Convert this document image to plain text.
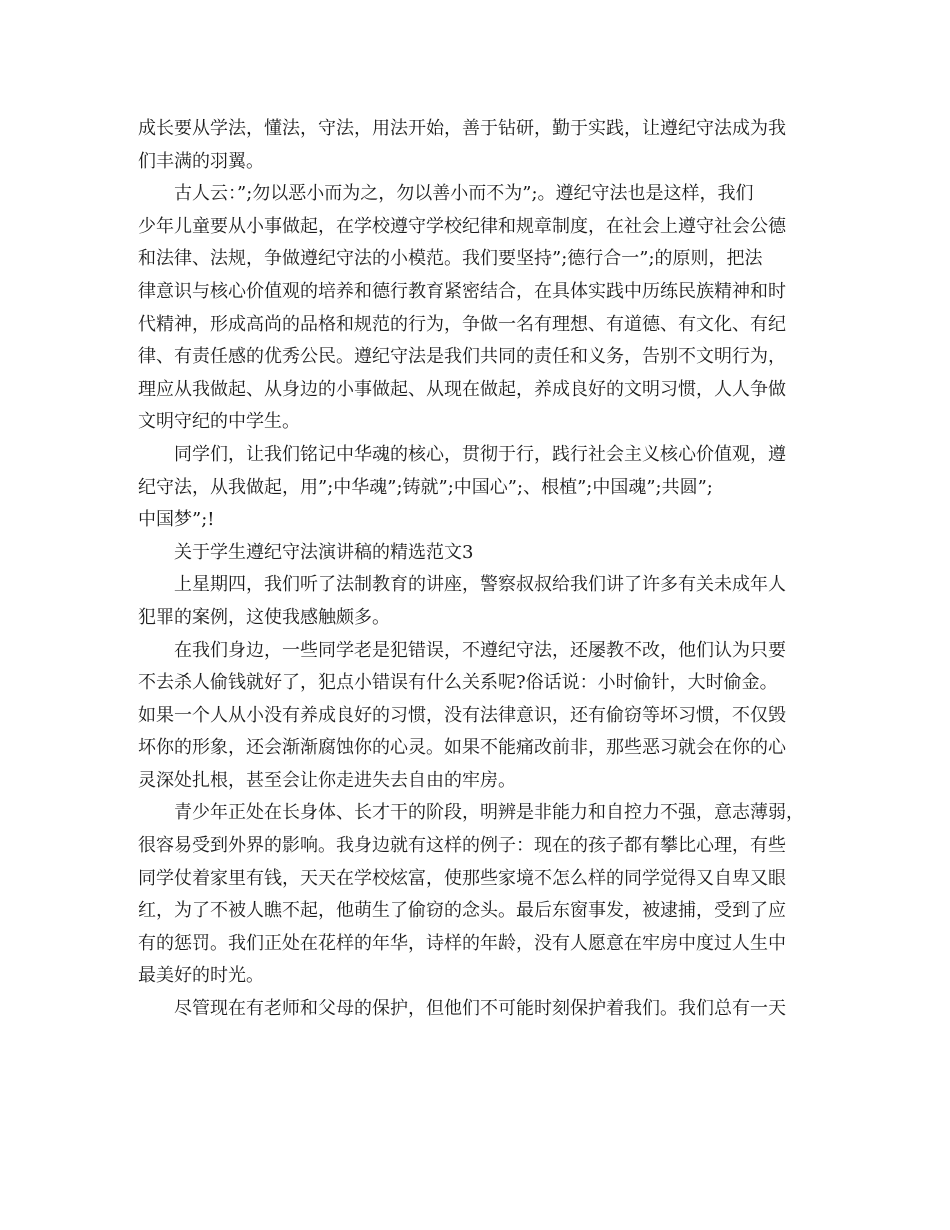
成长要从学法，懂法，守法，用法开始，善于钻研，勤于实践，让遵纪守法成为我
们丰满的羽翼。
古人云：”;勿以恶小而为之，勿以善小而不为”;。遵纪守法也是这样，我们
少年儿童要从小事做起，在学校遵守学校纪律和规章制度，在社会上遵守社会公德
和法律、法规，争做遵纪守法的小模范。我们要坚持”;德行合一”;的原则，把法
律意识与核心价值观的培养和德行教育紧密结合，在具体实践中历练民族精神和时
代精神，形成高尚的品格和规范的行为，争做一名有理想、有道德、有文化、有纪
律、有责任感的优秀公民。遵纪守法是我们共同的责任和义务，告别不文明行为，
理应从我做起、从身边的小事做起、从现在做起，养成良好的文明习惯，人人争做
文明守纪的中学生。
同学们，让我们铭记中华魂的核心，贯彻于行，践行社会主义核心价值观，遵
纪守法，从我做起，用”;中华魂”;铸就”;中国心”;、根植”;中国魂”;共圆”;
中国梦”;!
关于学生遵纪守法演讲稿的精选范文3
上星期四，我们听了法制教育的讲座，警察叔叔给我们讲了许多有关未成年人
犯罪的案例，这使我感触颇多。
在我们身边，一些同学老是犯错误，不遵纪守法，还屡教不改，他们认为只要
不去杀人偷钱就好了，犯点小错误有什么关系呢?俗话说：小时偷针，大时偷金。
如果一个人从小没有养成良好的习惯，没有法律意识，还有偷窃等坏习惯，不仅毁
坏你的形象，还会渐渐腐蚀你的心灵。如果不能痛改前非，那些恶习就会在你的心
灵深处扎根，甚至会让你走进失去自由的牢房。
青少年正处在长身体、长才干的阶段，明辨是非能力和自控力不强，意志薄弱，
很容易受到外界的影响。我身边就有这样的例子：现在的孩子都有攀比心理，有些
同学仗着家里有钱，天天在学校炫富，使那些家境不怎么样的同学觉得又自卑又眼
红，为了不被人瞧不起，他萌生了偷窃的念头。最后东窗事发，被逮捕，受到了应
有的惩罚。我们正处在花样的年华，诗样的年龄，没有人愿意在牢房中度过人生中
最美好的时光。
尽管现在有老师和父母的保护，但他们不可能时刻保护着我们。我们总有一天
